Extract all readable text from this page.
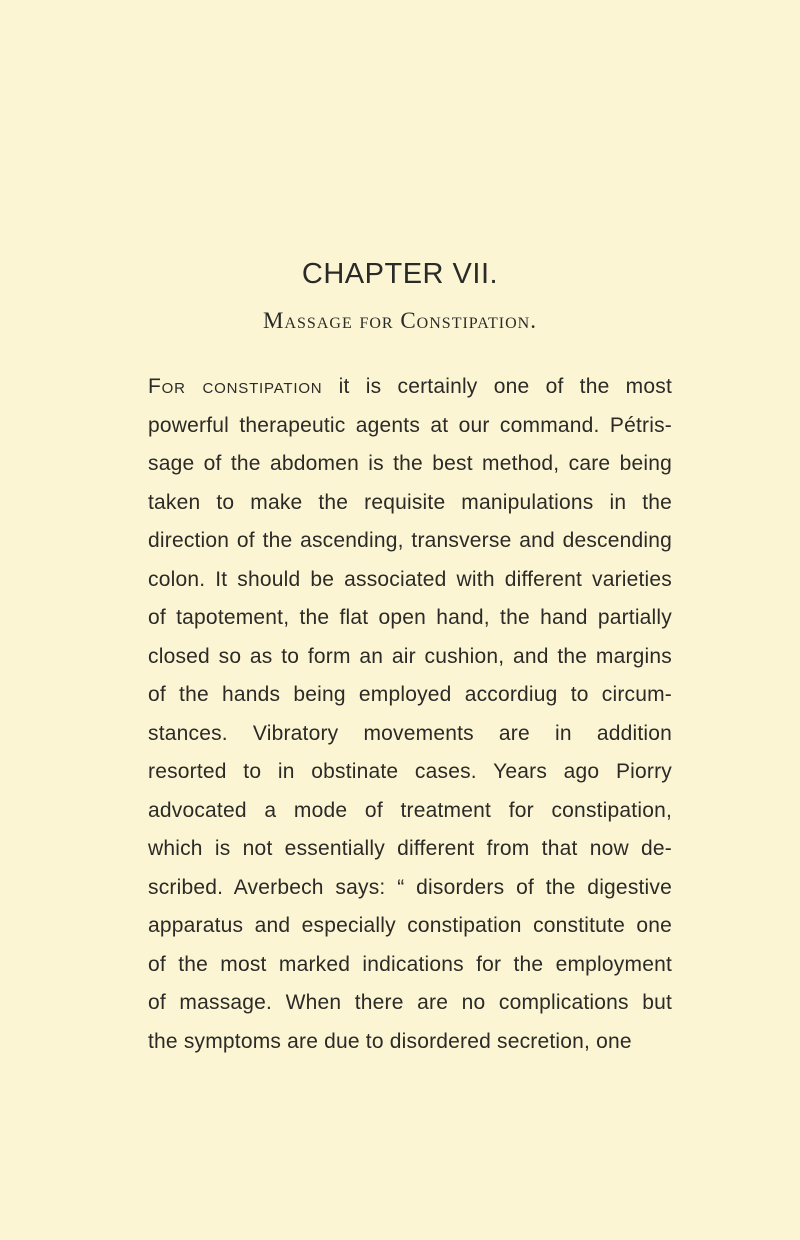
CHAPTER VII.
Massage for Constipation.
For constipation it is certainly one of the most
powerful therapeutic agents at our command. Pétris-
sage of the abdomen is the best method, care being
taken to make the requisite manipulations in the
direction of the ascending, transverse and descending
colon. It should be associated with different varieties
of tapotement, the flat open hand, the hand partially
closed so as to form an air cushion, and the margins
of the hands being employed accordiug to circum-
stances. Vibratory movements are in addition
resorted to in obstinate cases. Years ago Piorry
advocated a mode of treatment for constipation,
which is not essentially different from that now de-
scribed. Averbech says: “ disorders of the digestive
apparatus and especially constipation constitute one
of the most marked indications for the employment
of massage. When there are no complications but
the symptoms are due to disordered secretion, one
